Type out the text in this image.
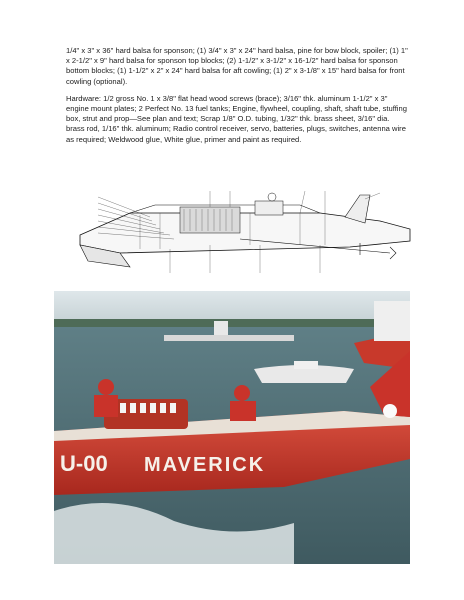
1/4" x 3" x 36" hard balsa for sponson; (1) 3/4" x 3" x 24" hard balsa, pine for bow block, spoiler; (1) 1" x 2-1/2" x 9" hard balsa for sponson top blocks; (2) 1-1/2" x 3-1/2" x 16-1/2" hard balsa for sponson bottom blocks; (1) 1-1/2" x 2" x 24" hard balsa for aft cowling; (1) 2" x 3-1/8" x 15" hard balsa for front cowling (optional).

Hardware: 1/2 gross No. 1 x 3/8" flat head wood screws (brace); 3/16" thk. aluminum 1-1/2" x 3" engine mount plates; 2 Perfect No. 13 fuel tanks; Engine, flywheel, coupling, shaft, shaft tube, stuffing box, strut and prop—See plan and text; Scrap 1/8" O.D. tubing, 1/32" thk. brass sheet, 3/16" dia. brass rod, 1/16" thk. aluminum; Radio control receiver, servo, batteries, plugs, switches, antenna wire as required; Weldwood glue, White glue, primer and paint as required.

U-00 MAVERICK
